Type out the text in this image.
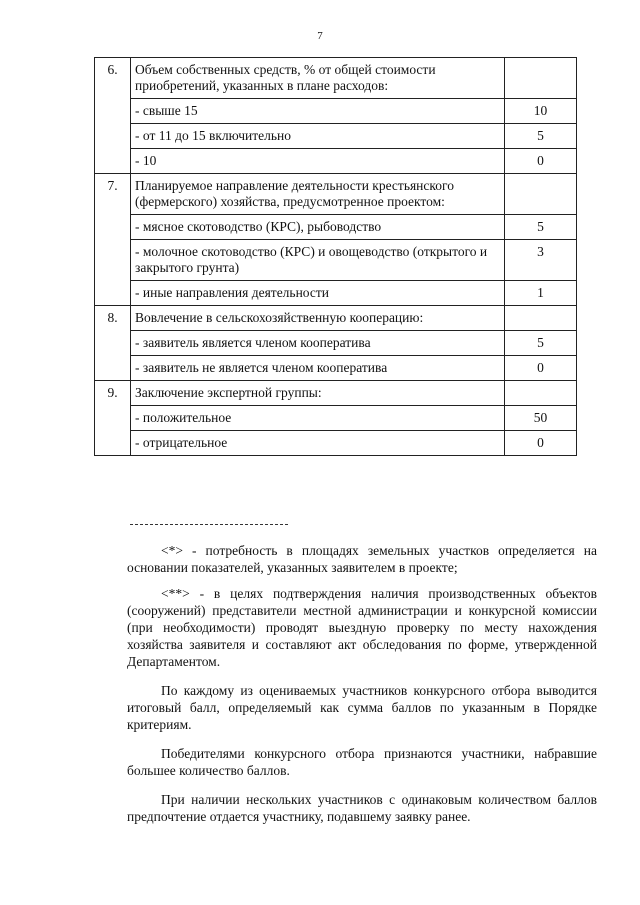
7
6.	Объем собственных средств, % от общей стоимости приобретений, указанных в плане расходов:	
	- свыше 15	10
	- от 11 до 15 включительно	5
	- 10	0
7.	Планируемое направление деятельности крестьянского (фермерского) хозяйства, предусмотренное проектом:	
	- мясное скотоводство (КРС), рыбоводство	5
	- молочное скотоводство (КРС) и овощеводство (открытого и закрытого грунта)	3
	- иные направления деятельности	1
8.	Вовлечение в сельскохозяйственную кооперацию:	
	- заявитель является членом кооператива	5
	- заявитель не является членом кооператива	0
9.	Заключение экспертной группы:	
	- положительное	50
	- отрицательное	0

<*> - потребность в площадях земельных участков определяется на основании показателей, указанных заявителем в проекте;

<**> - в целях подтверждения наличия производственных объектов (сооружений) представители местной администрации и конкурсной комиссии (при необходимости) проводят выездную проверку по месту нахождения хозяйства заявителя и составляют акт обследования по форме, утвержденной Департаментом.

По каждому из оцениваемых участников конкурсного отбора выводится итоговый балл, определяемый как сумма баллов по указанным в Порядке критериям.

Победителями конкурсного отбора признаются участники, набравшие большее количество баллов.

При наличии нескольких участников с одинаковым количеством баллов предпочтение отдается участнику, подавшему заявку ранее.
